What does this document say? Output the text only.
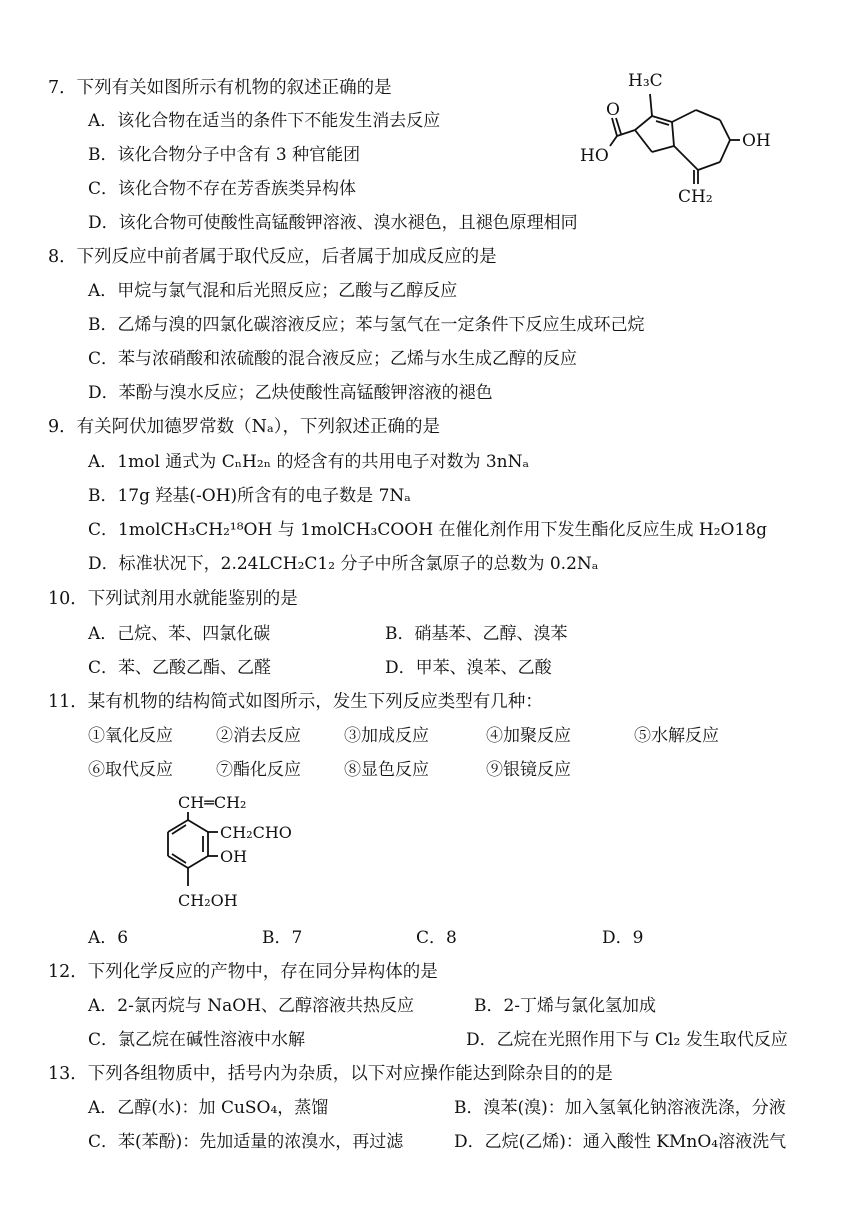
7．下列有关如图所示有机物的叙述正确的是
A．该化合物在适当的条件下不能发生消去反应
B．该化合物分子中含有 3 种官能团
C．该化合物不存在芳香族类异构体
D．该化合物可使酸性高锰酸钾溶液、溴水褪色，且褪色原理相同
H₃C
O
HO
OH
CH₂
8．下列反应中前者属于取代反应，后者属于加成反应的是
A．甲烷与氯气混和后光照反应；乙酸与乙醇反应
B．乙烯与溴的四氯化碳溶液反应；苯与氢气在一定条件下反应生成环己烷
C．苯与浓硝酸和浓硫酸的混合液反应；乙烯与水生成乙醇的反应
D．苯酚与溴水反应；乙炔使酸性高锰酸钾溶液的褪色
9．有关阿伏加德罗常数（Nₐ），下列叙述正确的是
A．1mol 通式为 CₙH₂ₙ 的烃含有的共用电子对数为 3nNₐ
B．17g 羟基(-OH)所含有的电子数是 7Nₐ
C．1molCH₃CH₂¹⁸OH 与 1molCH₃COOH 在催化剂作用下发生酯化反应生成 H₂O18g
D．标准状况下，2.24LCH₂C1₂ 分子中所含氯原子的总数为 0.2Nₐ
10．下列试剂用水就能鉴别的是
A．己烷、苯、四氯化碳	B．硝基苯、乙醇、溴苯
C．苯、乙酸乙酯、乙醛	D．甲苯、溴苯、乙酸
11．某有机物的结构简式如图所示，发生下列反应类型有几种：
①氧化反应	②消去反应	③加成反应	④加聚反应	⑤水解反应
⑥取代反应	⑦酯化反应	⑧显色反应	⑨银镜反应
CH═CH₂
CH₂CHO
OH
CH₂OH
A．6	B．7	C．8	D．9
12．下列化学反应的产物中，存在同分异构体的是
A．2-氯丙烷与 NaOH、乙醇溶液共热反应	B．2-丁烯与氯化氢加成
C．氯乙烷在碱性溶液中水解	D．乙烷在光照作用下与 Cl₂ 发生取代反应
13．下列各组物质中，括号内为杂质，以下对应操作能达到除杂目的的是
A．乙醇(水)：加 CuSO₄，蒸馏	B．溴苯(溴)：加入氢氧化钠溶液洗涤，分液
C．苯(苯酚)：先加适量的浓溴水，再过滤	D．乙烷(乙烯)：通入酸性 KMnO₄溶液洗气
